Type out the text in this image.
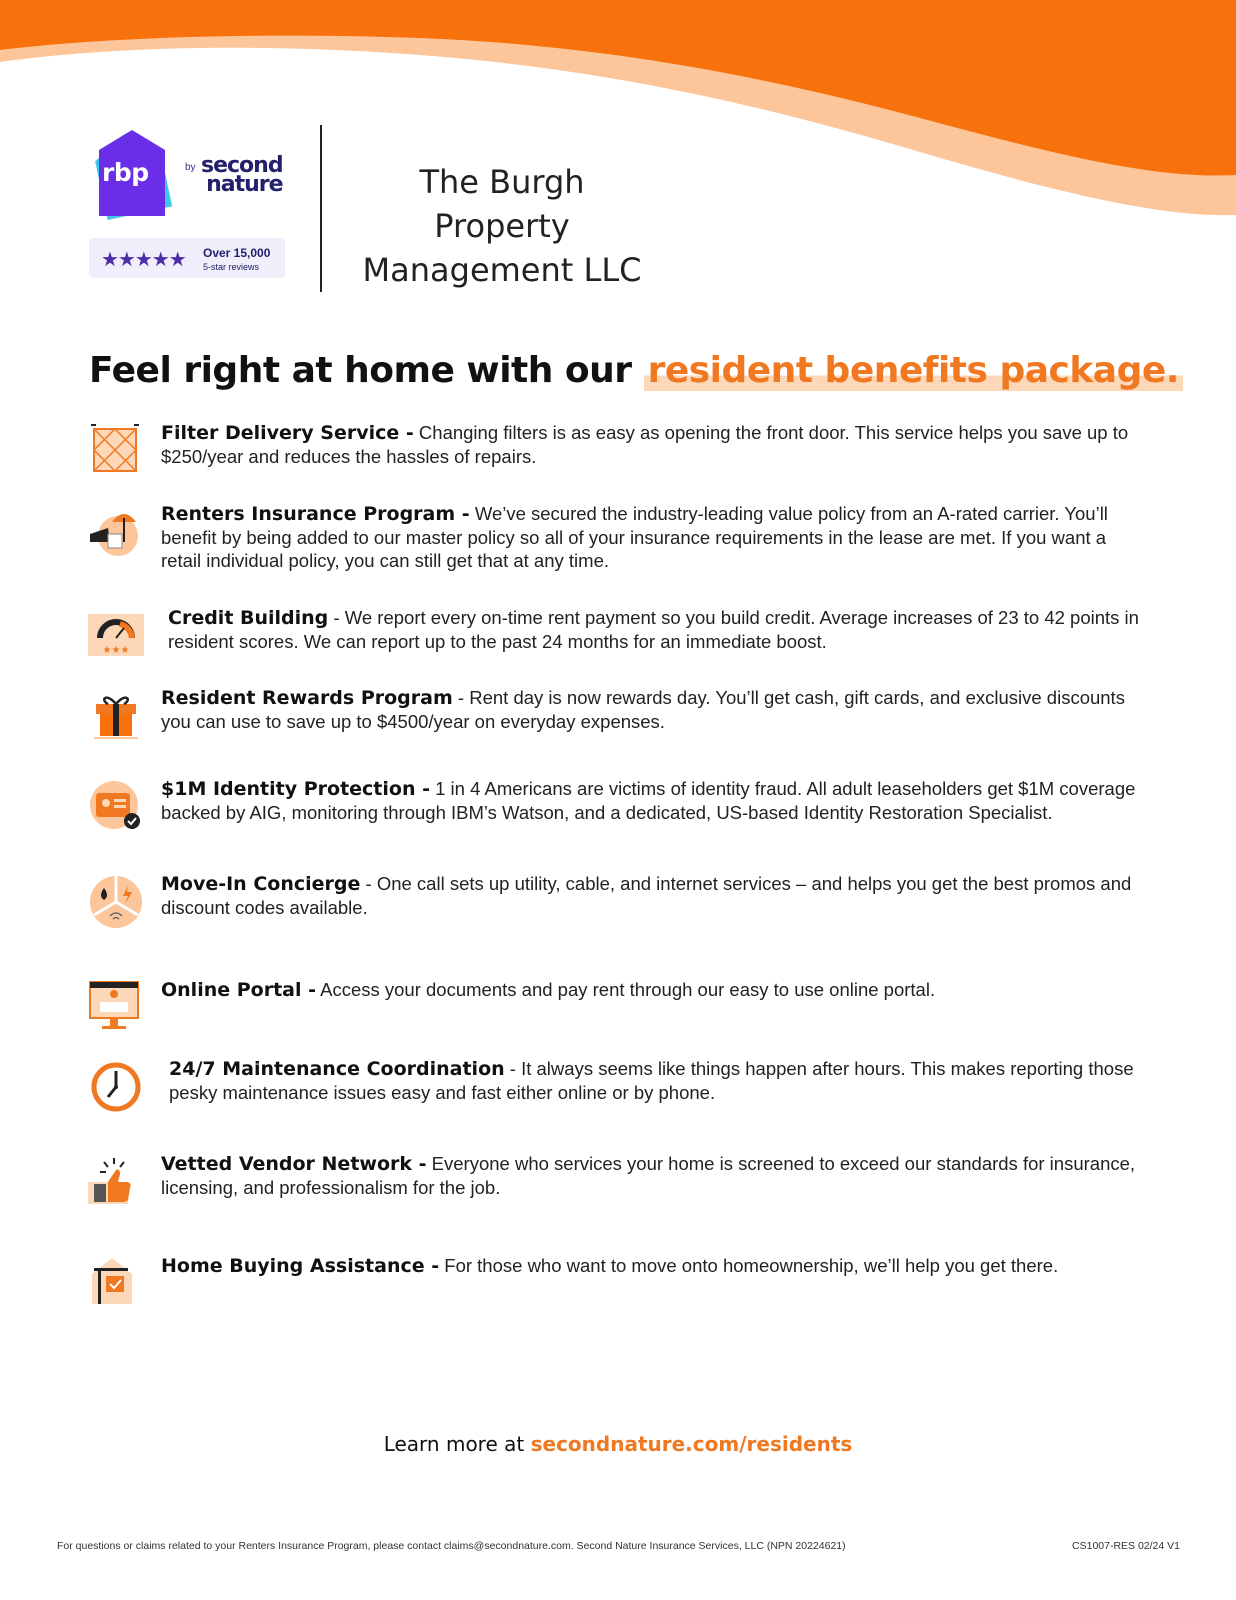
rbp	by second
nature
★★★★★ Over 15,000
5-star reviews
The Burgh Property
Management LLC
Feel right at home with our resident benefits package.
Filter Delivery Service - Changing filters is as easy as opening the front door. This service helps you save up to $250/year and reduces the hassles of repairs.
Renters Insurance Program - We’ve secured the industry-leading value policy from an A-rated carrier. You’ll benefit by being added to our master policy so all of your insurance requirements in the lease are met. If you want a retail individual policy, you can still get that at any time.
★★★
Credit Building - We report every on-time rent payment so you build credit. Average increases of 23 to 42 points in resident scores. We can report up to the past 24 months for an immediate boost.
Resident Rewards Program - Rent day is now rewards day. You’ll get cash, gift cards, and exclusive discounts you can use to save up to $4500/year on everyday expenses.
$1M Identity Protection - 1 in 4 Americans are victims of identity fraud. All adult leaseholders get $1M coverage backed by AIG, monitoring through IBM’s Watson, and a dedicated, US-based Identity Restoration Specialist.
Move-In Concierge - One call sets up utility, cable, and internet services – and helps you get the best promos and discount codes available.
Online Portal - Access your documents and pay rent through our easy to use online portal.
24/7 Maintenance Coordination - It always seems like things happen after hours. This makes reporting those pesky maintenance issues easy and fast either online or by phone.
Vetted Vendor Network - Everyone who services your home is screened to exceed our standards for insurance, licensing, and professionalism for the job.
Home Buying Assistance - For those who want to move onto homeownership, we’ll help you get there.
Learn more at secondnature.com/residents
For questions or claims related to your Renters Insurance Program, please contact claims@secondnature.com. Second Nature Insurance Services, LLC (NPN 20224621)	CS1007-RES 02/24 V1
